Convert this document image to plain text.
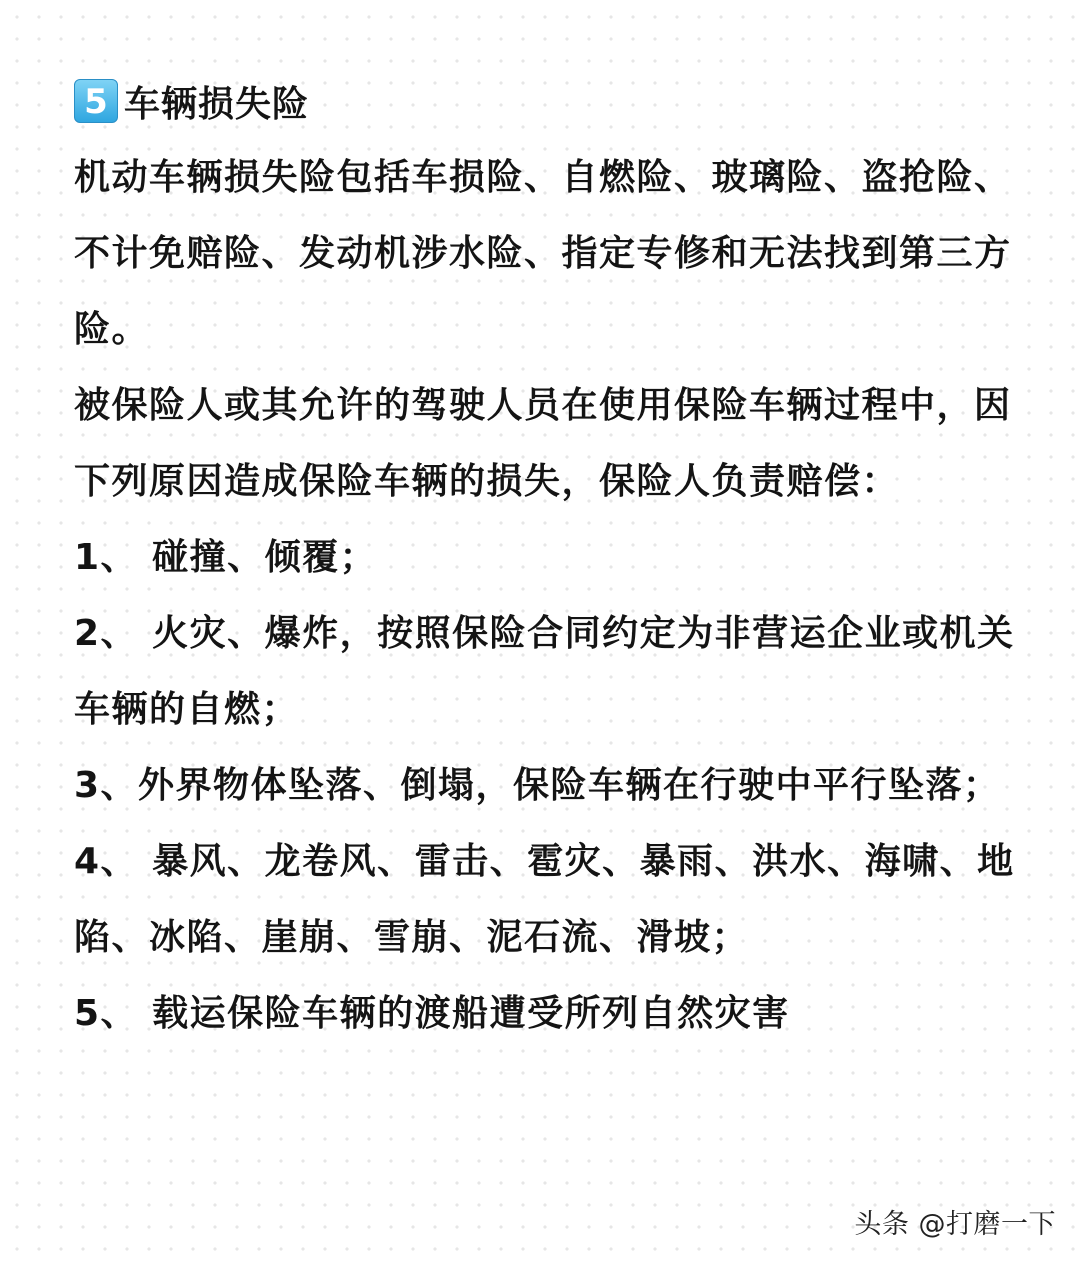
5 车辆损失险

机动车辆损失险包括车损险、自燃险、玻璃险、盗抢险、不计免赔险、发动机涉水险、指定专修和无法找到第三方险。

被保险人或其允许的驾驶人员在使用保险车辆过程中，因下列原因造成保险车辆的损失，保险人负责赔偿：

1、 碰撞、倾覆；

2、 火灾、爆炸，按照保险合同约定为非营运企业或机关车辆的自燃；

3、外界物体坠落、倒塌，保险车辆在行驶中平行坠落；

4、 暴风、龙卷风、雷击、雹灾、暴雨、洪水、海啸、地陷、冰陷、崖崩、雪崩、泥石流、滑坡；

5、 载运保险车辆的渡船遭受所列自然灾害

头条 @打磨一下
